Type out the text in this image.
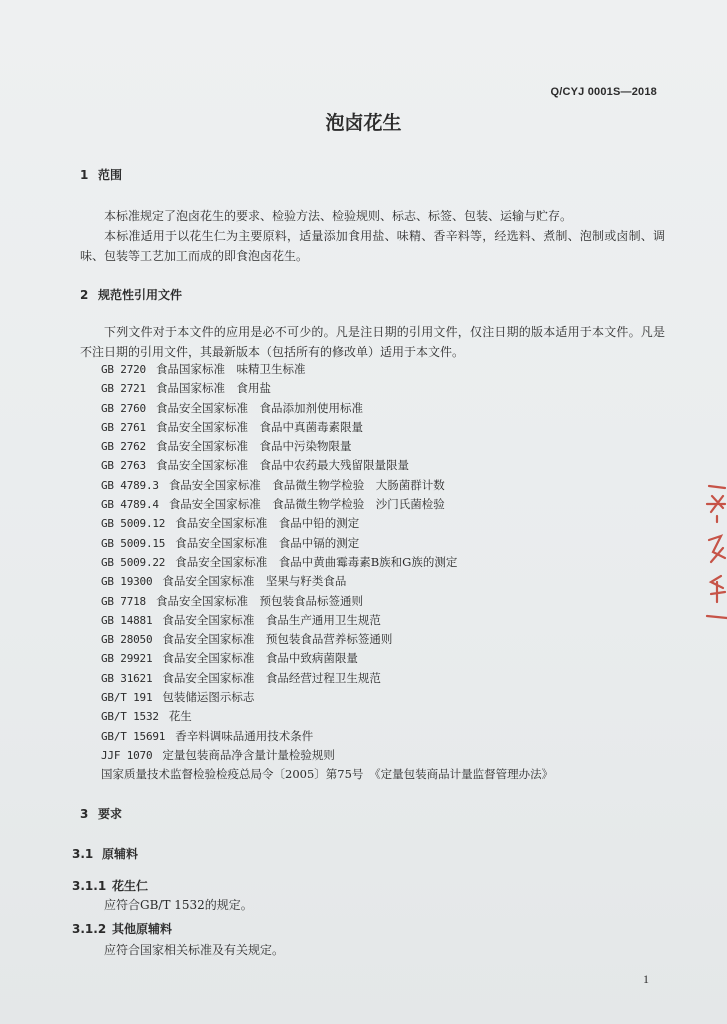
Q/CYJ 0001S—2018
泡卤花生
1 范围
本标准规定了泡卤花生的要求、检验方法、检验规则、标志、标签、包装、运输与贮存。
本标准适用于以花生仁为主要原料，适量添加食用盐、味精、香辛料等，经选料、煮制、泡制或卤制、调味、包装等工艺加工而成的即食泡卤花生。
2 规范性引用文件
下列文件对于本文件的应用是必不可少的。凡是注日期的引用文件，仅注日期的版本适用于本文件。凡是不注日期的引用文件，其最新版本（包括所有的修改单）适用于本文件。
GB 2720 食品国家标准　味精卫生标准
GB 2721 食品国家标准　食用盐
GB 2760 食品安全国家标准　食品添加剂使用标准
GB 2761 食品安全国家标准　食品中真菌毒素限量
GB 2762 食品安全国家标准　食品中污染物限量
GB 2763 食品安全国家标准　食品中农药最大残留限量限量
GB 4789.3 食品安全国家标准　食品微生物学检验　大肠菌群计数
GB 4789.4 食品安全国家标准　食品微生物学检验　沙门氏菌检验
GB 5009.12 食品安全国家标准　食品中铅的测定
GB 5009.15 食品安全国家标准　食品中镉的测定
GB 5009.22 食品安全国家标准　食品中黄曲霉毒素B族和G族的测定
GB 19300 食品安全国家标准　坚果与籽类食品
GB 7718 食品安全国家标准　预包装食品标签通则
GB 14881 食品安全国家标准　食品生产通用卫生规范
GB 28050 食品安全国家标准　预包装食品营养标签通则
GB 29921 食品安全国家标准　食品中致病菌限量
GB 31621 食品安全国家标准　食品经营过程卫生规范
GB/T 191 包装储运图示标志
GB/T 1532 花生
GB/T 15691 香辛料调味品通用技术条件
JJF 1070 定量包装商品净含量计量检验规则
国家质量技术监督检验检疫总局令〔2005〕第75号　《定量包装商品计量监督管理办法》
3 要求
3.1 原辅料
3.1.1 花生仁
应符合GB/T 1532的规定。
3.1.2 其他原辅料
应符合国家相关标准及有关规定。
1
